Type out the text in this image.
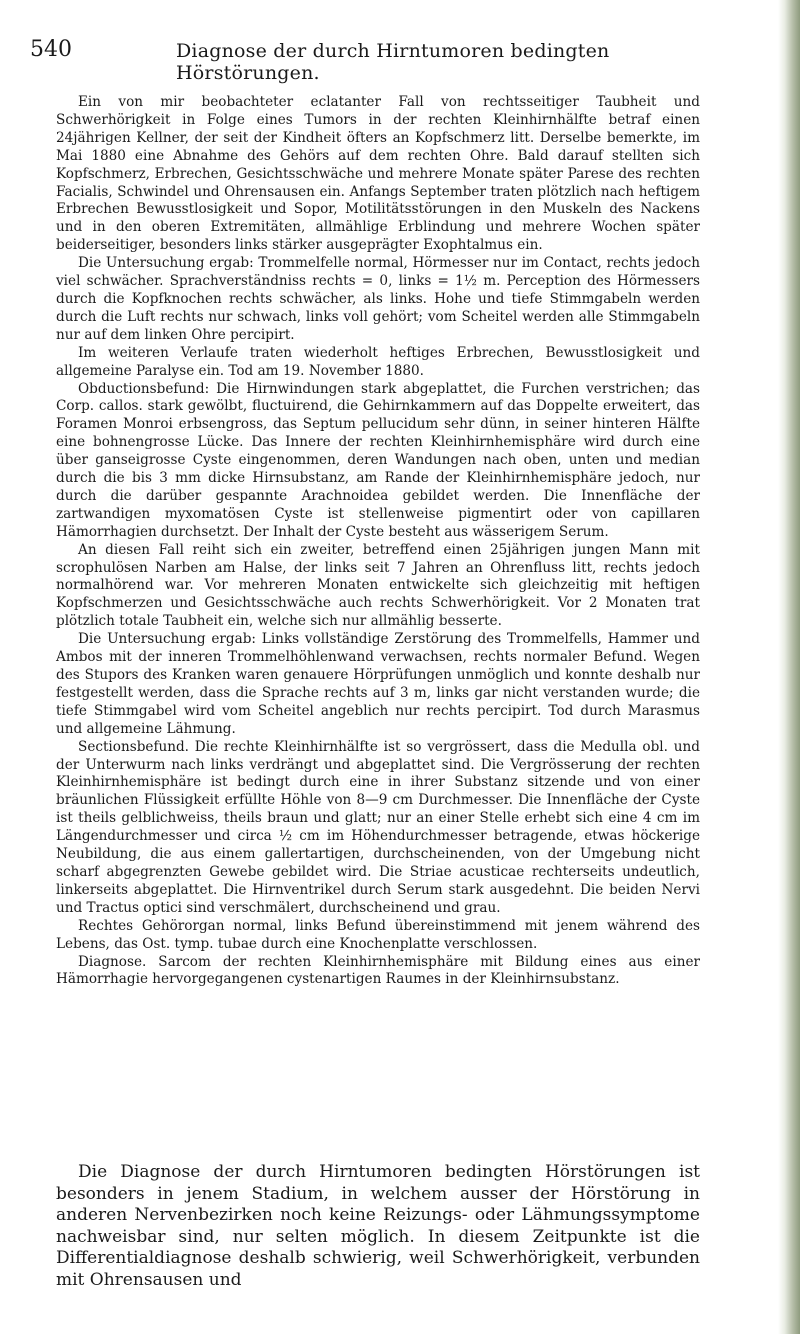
540	Diagnose der durch Hirntumoren bedingten Hörstörungen.

Ein von mir beobachteter eclatanter Fall von rechtsseitiger Taubheit und Schwerhörigkeit in Folge eines Tumors in der rechten Kleinhirnhälfte betraf einen 24jährigen Kellner, der seit der Kindheit öfters an Kopfschmerz litt. Derselbe bemerkte, im Mai 1880 eine Abnahme des Gehörs auf dem rechten Ohre. Bald darauf stellten sich Kopfschmerz, Erbrechen, Gesichtsschwäche und mehrere Monate später Parese des rechten Facialis, Schwindel und Ohrensausen ein. Anfangs September traten plötzlich nach heftigem Erbrechen Bewusstlosigkeit und Sopor, Motilitätsstörungen in den Muskeln des Nackens und in den oberen Extremitäten, allmählige Erblindung und mehrere Wochen später beiderseitiger, besonders links stärker ausgeprägter Exophtalmus ein.

Die Untersuchung ergab: Trommelfelle normal, Hörmesser nur im Contact, rechts jedoch viel schwächer. Sprachverständniss rechts = 0, links = 1½ m. Perception des Hörmessers durch die Kopfknochen rechts schwächer, als links. Hohe und tiefe Stimmgabeln werden durch die Luft rechts nur schwach, links voll gehört; vom Scheitel werden alle Stimmgabeln nur auf dem linken Ohre percipirt.

Im weiteren Verlaufe traten wiederholt heftiges Erbrechen, Bewusstlosigkeit und allgemeine Paralyse ein. Tod am 19. November 1880.

Obductionsbefund: Die Hirnwindungen stark abgeplattet, die Furchen verstrichen; das Corp. callos. stark gewölbt, fluctuirend, die Gehirnkammern auf das Doppelte erweitert, das Foramen Monroi erbsengross, das Septum pellucidum sehr dünn, in seiner hinteren Hälfte eine bohnengrosse Lücke. Das Innere der rechten Kleinhirnhemisphäre wird durch eine über ganseigrosse Cyste eingenommen, deren Wandungen nach oben, unten und median durch die bis 3 mm dicke Hirnsubstanz, am Rande der Kleinhirnhemisphäre jedoch, nur durch die darüber gespannte Arachnoidea gebildet werden. Die Innenfläche der zartwandigen myxomatösen Cyste ist stellenweise pigmentirt oder von capillaren Hämorrhagien durchsetzt. Der Inhalt der Cyste besteht aus wässerigem Serum.

An diesen Fall reiht sich ein zweiter, betreffend einen 25jährigen jungen Mann mit scrophulösen Narben am Halse, der links seit 7 Jahren an Ohrenfluss litt, rechts jedoch normalhörend war. Vor mehreren Monaten entwickelte sich gleichzeitig mit heftigen Kopfschmerzen und Gesichtsschwäche auch rechts Schwerhörigkeit. Vor 2 Monaten trat plötzlich totale Taubheit ein, welche sich nur allmählig besserte.

Die Untersuchung ergab: Links vollständige Zerstörung des Trommelfells, Hammer und Ambos mit der inneren Trommelhöhlenwand verwachsen, rechts normaler Befund. Wegen des Stupors des Kranken waren genauere Hörprüfungen unmöglich und konnte deshalb nur festgestellt werden, dass die Sprache rechts auf 3 m, links gar nicht verstanden wurde; die tiefe Stimmgabel wird vom Scheitel angeblich nur rechts percipirt. Tod durch Marasmus und allgemeine Lähmung.

Sectionsbefund. Die rechte Kleinhirnhälfte ist so vergrössert, dass die Medulla obl. und der Unterwurm nach links verdrängt und abgeplattet sind. Die Vergrösserung der rechten Kleinhirnhemisphäre ist bedingt durch eine in ihrer Substanz sitzende und von einer bräunlichen Flüssigkeit erfüllte Höhle von 8—9 cm Durchmesser. Die Innenfläche der Cyste ist theils gelblichweiss, theils braun und glatt; nur an einer Stelle erhebt sich eine 4 cm im Längendurchmesser und circa ½ cm im Höhendurchmesser betragende, etwas höckerige Neubildung, die aus einem gallertartigen, durchscheinenden, von der Umgebung nicht scharf abgegrenzten Gewebe gebildet wird. Die Striae acusticae rechterseits undeutlich, linkerseits abgeplattet. Die Hirnventrikel durch Serum stark ausgedehnt. Die beiden Nervi und Tractus optici sind verschmälert, durchscheinend und grau.

Rechtes Gehörorgan normal, links Befund übereinstimmend mit jenem während des Lebens, das Ost. tymp. tubae durch eine Knochenplatte verschlossen.

Diagnose. Sarcom der rechten Kleinhirnhemisphäre mit Bildung eines aus einer Hämorrhagie hervorgegangenen cystenartigen Raumes in der Kleinhirnsubstanz.

Die Diagnose der durch Hirntumoren bedingten Hörstörungen ist besonders in jenem Stadium, in welchem ausser der Hörstörung in anderen Nervenbezirken noch keine Reizungs- oder Lähmungssymptome nachweisbar sind, nur selten möglich. In diesem Zeitpunkte ist die Differentialdiagnose deshalb schwierig, weil Schwerhörigkeit, verbunden mit Ohrensausen und
